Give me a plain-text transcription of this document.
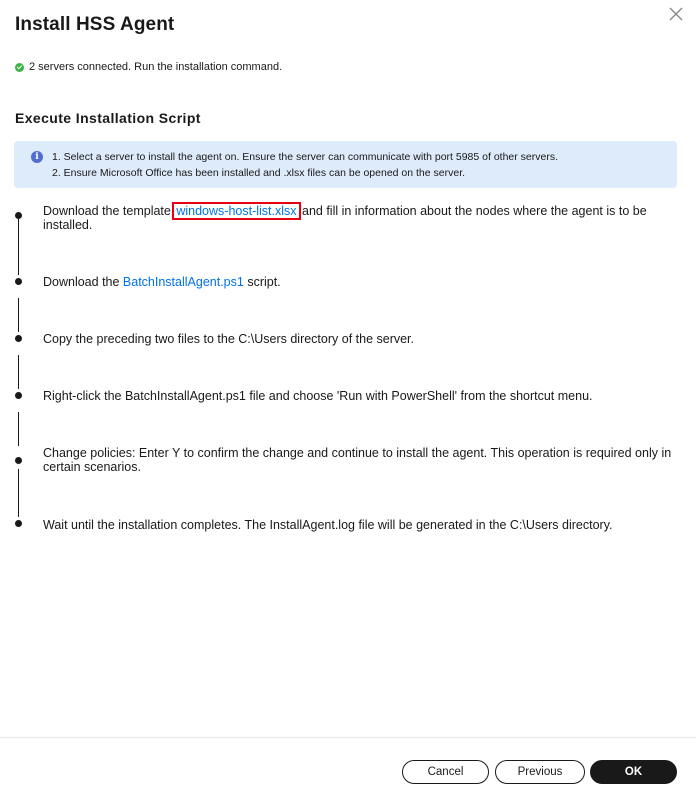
Install HSS Agent
2 servers connected. Run the installation command.
Execute Installation Script
i	1. Select a server to install the agent on. Ensure the server can communicate with port 5985 of other servers.
2. Ensure Microsoft Office has been installed and .xlsx files can be opened on the server.
Download the template windows-host-list.xlsx and fill in information about the nodes where the agent is to be installed.
Download the BatchInstallAgent.ps1 script.
Copy the preceding two files to the C:\Users directory of the server.
Right-click the BatchInstallAgent.ps1 file and choose 'Run with PowerShell' from the shortcut menu.
Change policies: Enter Y to confirm the change and continue to install the agent. This operation is required only in certain scenarios.
Wait until the installation completes. The InstallAgent.log file will be generated in the C:\Users directory.
Cancel	Previous	OK
